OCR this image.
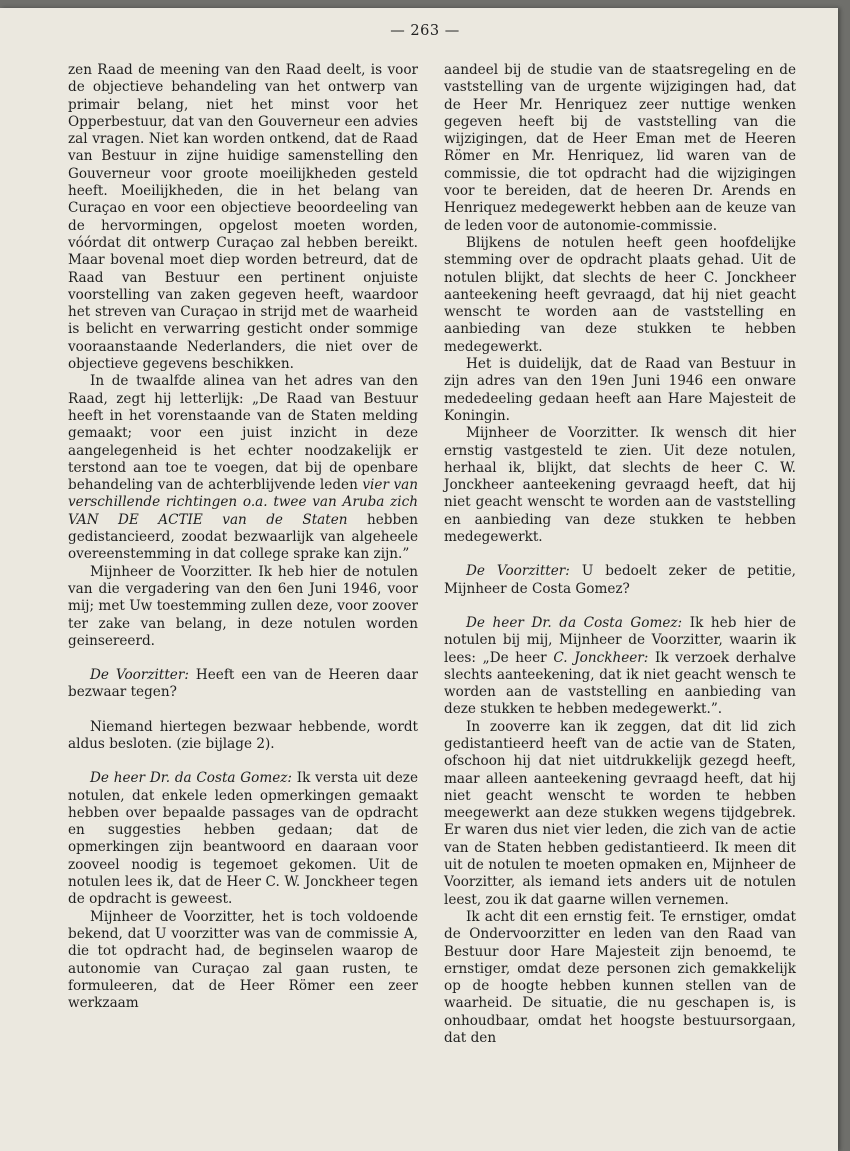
— 263 —

zen Raad de meening van den Raad deelt, is voor de objectieve behandeling van het ontwerp van primair belang, niet het minst voor het Opperbestuur, dat van den Gouverneur een advies zal vragen. Niet kan worden ontkend, dat de Raad van Bestuur in zijne huidige samenstelling den Gouverneur voor groote moeilijkheden gesteld heeft. Moeilijkheden, die in het belang van Curaçao en voor een objectieve beoordeeling van de hervormingen, opgelost moeten worden, vóórdat dit ontwerp Curaçao zal hebben bereikt. Maar bovenal moet diep worden betreurd, dat de Raad van Bestuur een pertinent onjuiste voorstelling van zaken gegeven heeft, waardoor het streven van Curaçao in strijd met de waarheid is belicht en verwarring gesticht onder sommige vooraanstaande Nederlanders, die niet over de objectieve gegevens beschikken.

In de twaalfde alinea van het adres van den Raad, zegt hij letterlijk: „De Raad van Bestuur heeft in het vorenstaande van de Staten melding gemaakt; voor een juist inzicht in deze aangelegenheid is het echter noodzakelijk er terstond aan toe te voegen, dat bij de openbare behandeling van de achterblijvende leden vier van verschillende richtingen o.a. twee van Aruba zich VAN DE ACTIE van de Staten hebben gedistancieerd, zoodat bezwaarlijk van algeheele overeenstemming in dat college sprake kan zijn.”

Mijnheer de Voorzitter. Ik heb hier de notulen van die vergadering van den 6en Juni 1946, voor mij; met Uw toestemming zullen deze, voor zoover ter zake van belang, in deze notulen worden geinsereerd.

De Voorzitter: Heeft een van de Heeren daar bezwaar tegen?

Niemand hiertegen bezwaar hebbende, wordt aldus besloten. (zie bijlage 2).

De heer Dr. da Costa Gomez: Ik versta uit deze notulen, dat enkele leden opmerkingen gemaakt hebben over bepaalde passages van de opdracht en suggesties hebben gedaan; dat de opmerkingen zijn beantwoord en daaraan voor zooveel noodig is tegemoet gekomen. Uit de notulen lees ik, dat de Heer C. W. Jonckheer tegen de opdracht is geweest.

Mijnheer de Voorzitter, het is toch voldoende bekend, dat U voorzitter was van de commissie A, die tot opdracht had, de beginselen waarop de autonomie van Curaçao zal gaan rusten, te formuleeren, dat de Heer Römer een zeer werkzaam

aandeel bij de studie van de staatsregeling en de vaststelling van de urgente wijzigingen had, dat de Heer Mr. Henriquez zeer nuttige wenken gegeven heeft bij de vaststelling van die wijzigingen, dat de Heer Eman met de Heeren Römer en Mr. Henriquez, lid waren van de commissie, die tot opdracht had die wijzigingen voor te bereiden, dat de heeren Dr. Arends en Henriquez medegewerkt hebben aan de keuze van de leden voor de autonomie-commissie.

Blijkens de notulen heeft geen hoofdelijke stemming over de opdracht plaats gehad. Uit de notulen blijkt, dat slechts de heer C. Jonckheer aanteekening heeft gevraagd, dat hij niet geacht wenscht te worden aan de vaststelling en aanbieding van deze stukken te hebben medegewerkt.

Het is duidelijk, dat de Raad van Bestuur in zijn adres van den 19en Juni 1946 een onware mededeeling gedaan heeft aan Hare Majesteit de Koningin.

Mijnheer de Voorzitter. Ik wensch dit hier ernstig vastgesteld te zien. Uit deze notulen, herhaal ik, blijkt, dat slechts de heer C. W. Jonckheer aanteekening gevraagd heeft, dat hij niet geacht wenscht te worden aan de vaststelling en aanbieding van deze stukken te hebben medegewerkt.

De Voorzitter: U bedoelt zeker de petitie, Mijnheer de Costa Gomez?

De heer Dr. da Costa Gomez: Ik heb hier de notulen bij mij, Mijnheer de Voorzitter, waarin ik lees: „De heer C. Jonckheer: Ik verzoek derhalve slechts aanteekening, dat ik niet geacht wensch te worden aan de vaststelling en aanbieding van deze stukken te hebben medegewerkt.”.

In zooverre kan ik zeggen, dat dit lid zich gedistantieerd heeft van de actie van de Staten, ofschoon hij dat niet uitdrukkelijk gezegd heeft, maar alleen aanteekening gevraagd heeft, dat hij niet geacht wenscht te worden te hebben meegewerkt aan deze stukken wegens tijdgebrek. Er waren dus niet vier leden, die zich van de actie van de Staten hebben gedistantieerd. Ik meen dit uit de notulen te moeten opmaken en, Mijnheer de Voorzitter, als iemand iets anders uit de notulen leest, zou ik dat gaarne willen vernemen.

Ik acht dit een ernstig feit. Te ernstiger, omdat de Ondervoorzitter en leden van den Raad van Bestuur door Hare Majesteit zijn benoemd, te ernstiger, omdat deze personen zich gemakkelijk op de hoogte hebben kunnen stellen van de waarheid. De situatie, die nu geschapen is, is onhoudbaar, omdat het hoogste bestuursorgaan, dat den
